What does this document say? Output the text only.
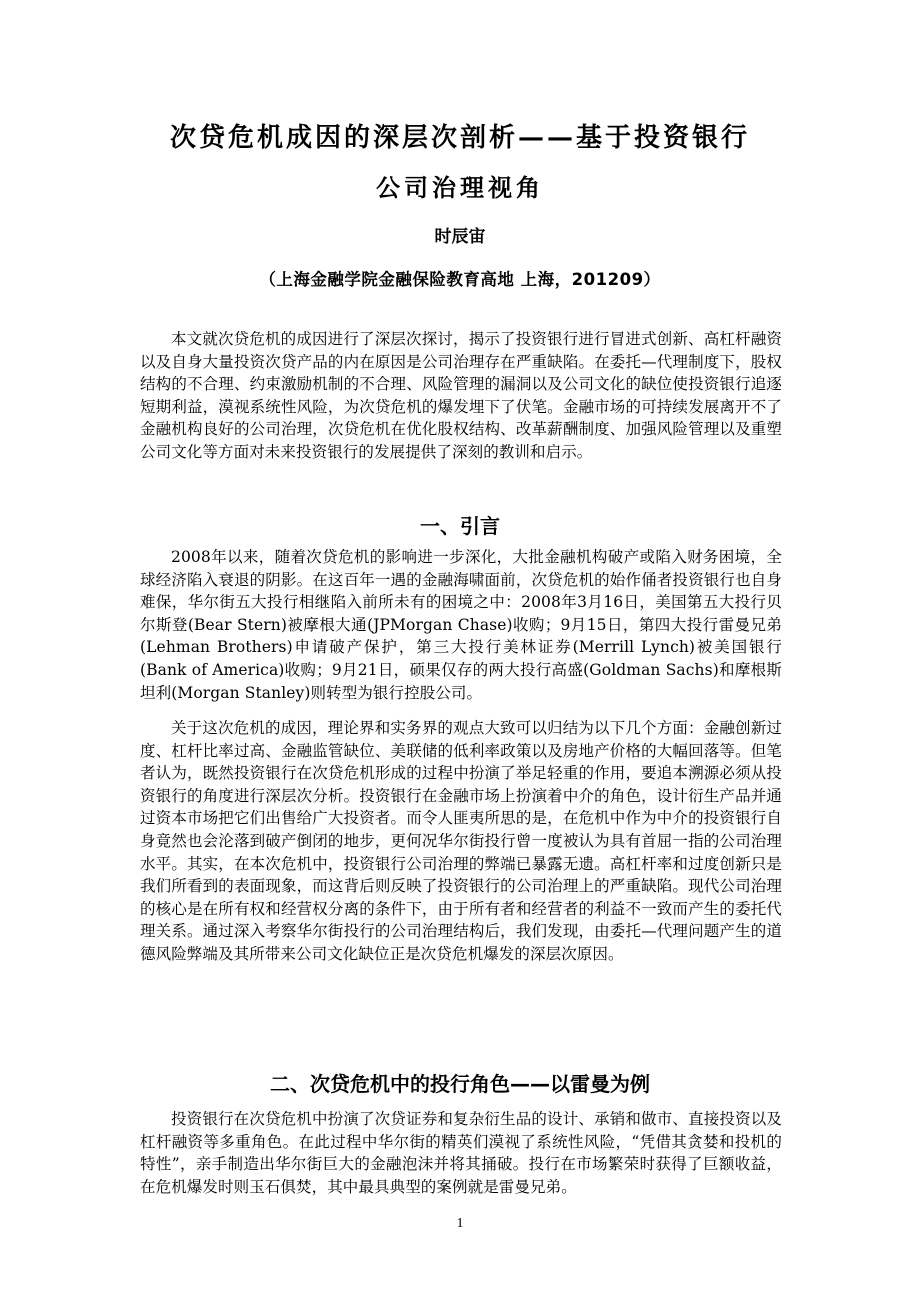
次贷危机成因的深层次剖析——基于投资银行
公司治理视角
时辰宙
（上海金融学院金融保险教育高地 上海，201209）

本文就次贷危机的成因进行了深层次探讨，揭示了投资银行进行冒进式创新、高杠杆融资以及自身大量投资次贷产品的内在原因是公司治理存在严重缺陷。在委托—代理制度下，股权结构的不合理、约束激励机制的不合理、风险管理的漏洞以及公司文化的缺位使投资银行追逐短期利益，漠视系统性风险，为次贷危机的爆发埋下了伏笔。金融市场的可持续发展离开不了金融机构良好的公司治理，次贷危机在优化股权结构、改革薪酬制度、加强风险管理以及重塑公司文化等方面对未来投资银行的发展提供了深刻的教训和启示。

一、引言

2008年以来，随着次贷危机的影响进一步深化，大批金融机构破产或陷入财务困境，全球经济陷入衰退的阴影。在这百年一遇的金融海啸面前，次贷危机的始作俑者投资银行也自身难保，华尔街五大投行相继陷入前所未有的困境之中：2008年3月16日，美国第五大投行贝尔斯登(Bear Stern)被摩根大通(JPMorgan Chase)收购；9月15日，第四大投行雷曼兄弟(Lehman Brothers)申请破产保护，第三大投行美林证券(Merrill Lynch)被美国银行(Bank of America)收购；9月21日，硕果仅存的两大投行高盛(Goldman Sachs)和摩根斯坦利(Morgan Stanley)则转型为银行控股公司。

关于这次危机的成因，理论界和实务界的观点大致可以归结为以下几个方面：金融创新过度、杠杆比率过高、金融监管缺位、美联储的低利率政策以及房地产价格的大幅回落等。但笔者认为，既然投资银行在次贷危机形成的过程中扮演了举足轻重的作用，要追本溯源必须从投资银行的角度进行深层次分析。投资银行在金融市场上扮演着中介的角色，设计衍生产品并通过资本市场把它们出售给广大投资者。而令人匪夷所思的是，在危机中作为中介的投资银行自身竟然也会沦落到破产倒闭的地步，更何况华尔街投行曾一度被认为具有首屈一指的公司治理水平。其实，在本次危机中，投资银行公司治理的弊端已暴露无遗。高杠杆率和过度创新只是我们所看到的表面现象，而这背后则反映了投资银行的公司治理上的严重缺陷。现代公司治理的核心是在所有权和经营权分离的条件下，由于所有者和经营者的利益不一致而产生的委托代理关系。通过深入考察华尔街投行的公司治理结构后，我们发现，由委托—代理问题产生的道德风险弊端及其所带来公司文化缺位正是次贷危机爆发的深层次原因。

二、次贷危机中的投行角色——以雷曼为例

投资银行在次贷危机中扮演了次贷证券和复杂衍生品的设计、承销和做市、直接投资以及杠杆融资等多重角色。在此过程中华尔街的精英们漠视了系统性风险，“凭借其贪婪和投机的特性”，亲手制造出华尔街巨大的金融泡沫并将其捅破。投行在市场繁荣时获得了巨额收益，在危机爆发时则玉石俱焚，其中最具典型的案例就是雷曼兄弟。

1
